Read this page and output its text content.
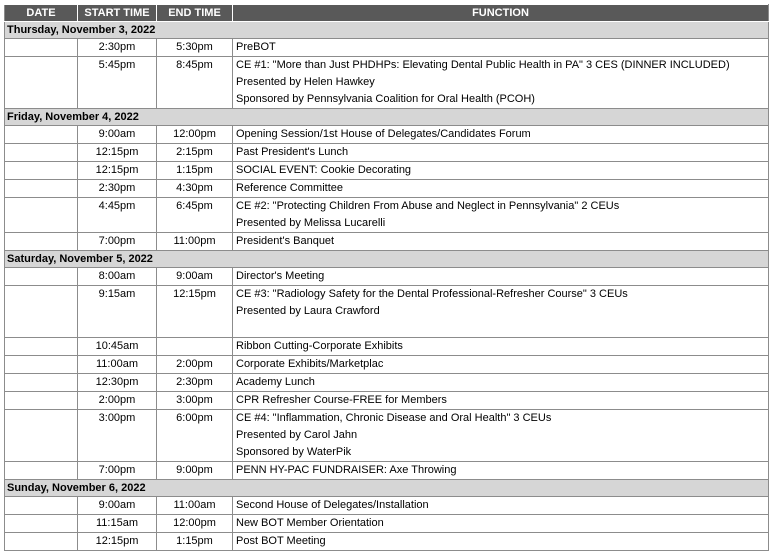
DATE	START TIME	END TIME	FUNCTION
Thursday, November 3, 2022			
	2:30pm	5:30pm	PreBOT

	5:45pm	8:45pm	CE #1: "More than Just PHDHPs: Elevating Dental Public Health in PA" 3 CES (DINNER INCLUDED)
Presented by Helen Hawkey
Sponsored by Pennsylvania Coalition for Oral Health (PCOH)

Friday, November 4, 2022			
	9:00am	12:00pm	Opening Session/1st House of Delegates/Candidates Forum

	12:15pm	2:15pm	Past President's Lunch

	12:15pm	1:15pm	SOCIAL EVENT: Cookie Decorating

	2:30pm	4:30pm	Reference Committee

	4:45pm	6:45pm	CE #2: "Protecting Children From Abuse and Neglect in Pennsylvania" 2 CEUs
Presented by Melissa Lucarelli

	7:00pm	11:00pm	President's Banquet

Saturday, November 5, 2022			
	8:00am	9:00am	Director's Meeting

	9:15am	12:15pm	CE #3: "Radiology Safety for the Dental Professional-Refresher Course" 3 CEUs
Presented by Laura Crawford

	10:45am		Ribbon Cutting-Corporate Exhibits

	11:00am	2:00pm	Corporate Exhibits/Marketplac

	12:30pm	2:30pm	Academy Lunch

	2:00pm	3:00pm	CPR Refresher Course-FREE for Members

	3:00pm	6:00pm	CE #4: "Inflammation, Chronic Disease and Oral Health" 3 CEUs
Presented by Carol Jahn
Sponsored by WaterPik

	7:00pm	9:00pm	PENN HY-PAC FUNDRAISER: Axe Throwing

Sunday, November 6, 2022			
	9:00am	11:00am	Second House of Delegates/Installation

	11:15am	12:00pm	New BOT Member Orientation

	12:15pm	1:15pm	Post BOT Meeting
